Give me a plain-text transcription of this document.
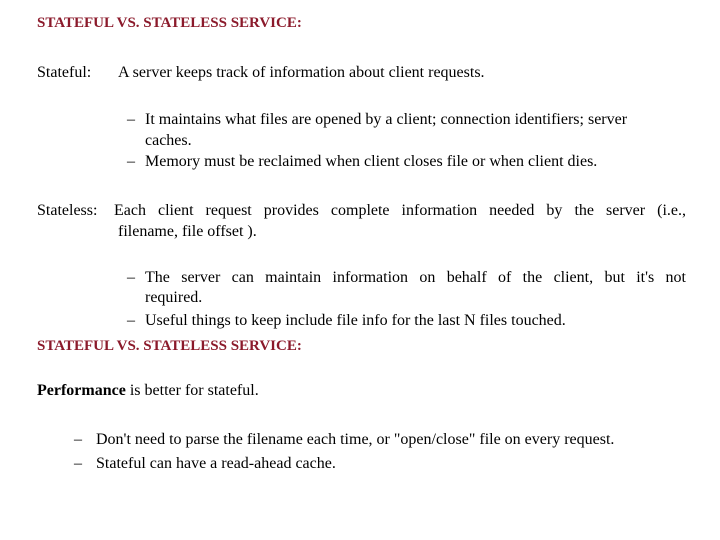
STATEFUL VS. STATELESS SERVICE:
Stateful: A server keeps track of information about client requests.
– It maintains what files are opened by a client; connection identifiers; server
caches.
– Memory must be reclaimed when client closes file or when client dies.
Stateless: Each client request provides complete information needed by the server (i.e.,
filename, file offset ).
– The server can maintain information on behalf of the client, but it's not
required.
– Useful things to keep include file info for the last N files touched.
STATEFUL VS. STATELESS SERVICE:
Performance is better for stateful.
– Don't need to parse the filename each time, or "open/close" file on every request.
– Stateful can have a read-ahead cache.
